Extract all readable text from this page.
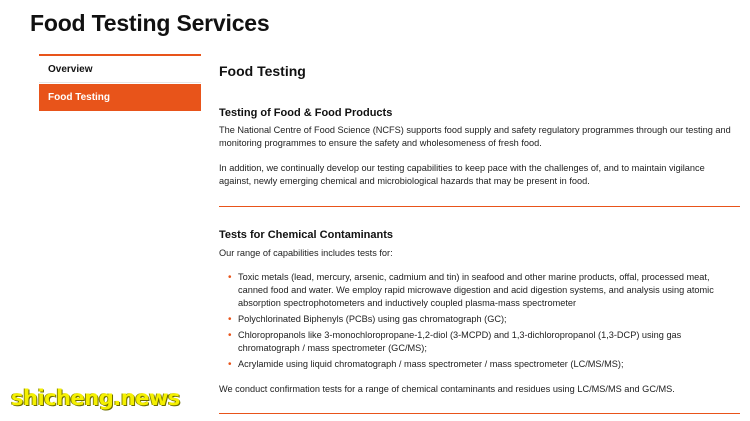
Food Testing Services
Overview
Food Testing
Food Testing
Testing of Food & Food Products

The National Centre of Food Science (NCFS) supports food supply and safety regulatory programmes through our testing and monitoring programmes to ensure the safety and wholesomeness of fresh food.

In addition, we continually develop our testing capabilities to keep pace with the challenges of, and to maintain vigilance against, newly emerging chemical and microbiological hazards that may be present in food.

Tests for Chemical Contaminants

Our range of capabilities includes tests for:

• Toxic metals (lead, mercury, arsenic, cadmium and tin) in seafood and other marine products, offal, processed meat, canned food and water. We employ rapid microwave digestion and acid digestion systems, and analysis using atomic absorption spectrophotometers and inductively coupled plasma-mass spectrometer
• Polychlorinated Biphenyls (PCBs) using gas chromatograph (GC);
• Chloropropanols like 3-monochloropropane-1,2-diol (3-MCPD) and 1,3-dichloropropanol (1,3-DCP) using gas chromatograph / mass spectrometer (GC/MS);
• Acrylamide using liquid chromatograph / mass spectrometer / mass spectrometer (LC/MS/MS);

We conduct confirmation tests for a range of chemical contaminants and residues using LC/MS/MS and GC/MS.

shicheng.news
